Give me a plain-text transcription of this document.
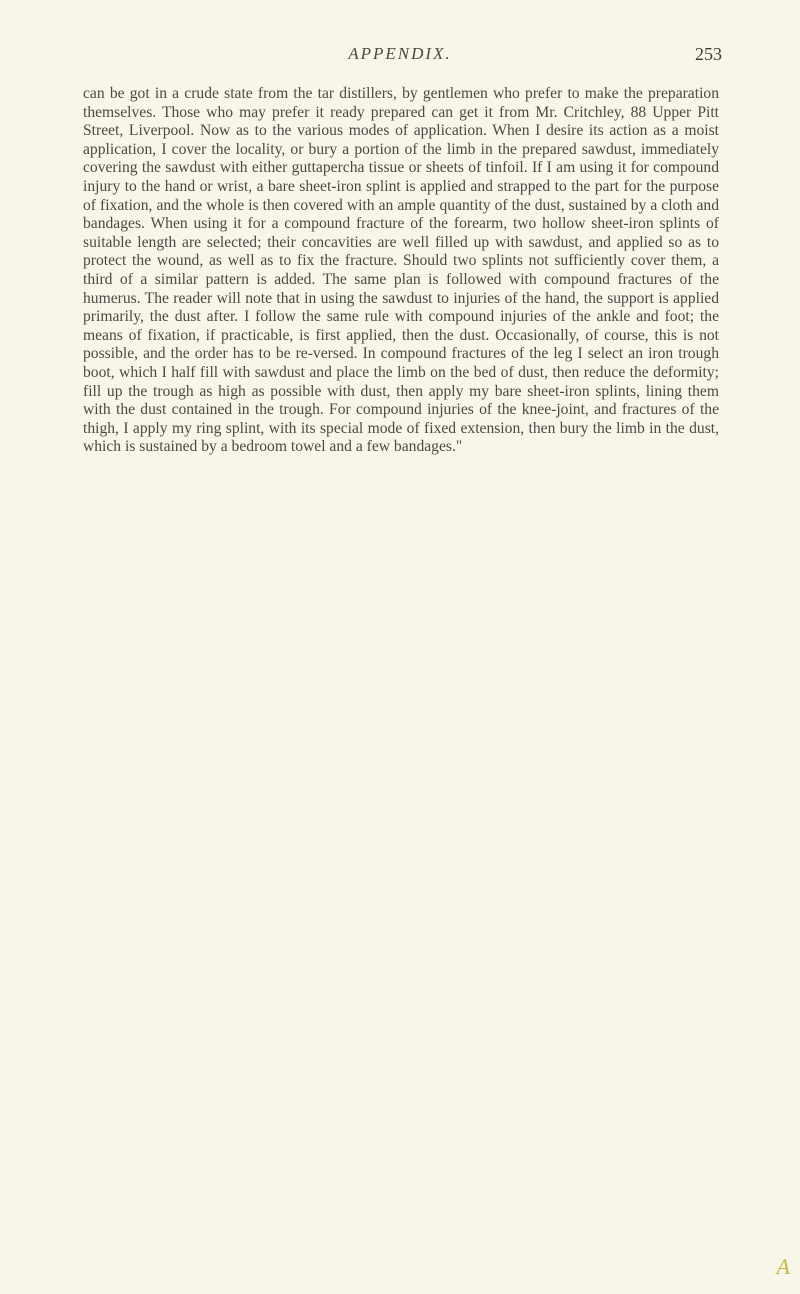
APPENDIX.	253

can be got in a crude state from the tar distillers, by gentlemen who prefer to make the preparation themselves. Those who may prefer it ready prepared can get it from Mr. Critchley, 88 Upper Pitt Street, Liverpool. Now as to the various modes of application. When I desire its action as a moist application, I cover the locality, or bury a portion of the limb in the prepared sawdust, immediately covering the sawdust with either guttapercha tissue or sheets of tinfoil. If I am using it for compound injury to the hand or wrist, a bare sheet-iron splint is applied and strapped to the part for the purpose of fixation, and the whole is then covered with an ample quantity of the dust, sustained by a cloth and bandages. When using it for a compound fracture of the forearm, two hollow sheet-iron splints of suitable length are selected; their concavities are well filled up with sawdust, and applied so as to protect the wound, as well as to fix the fracture. Should two splints not sufficiently cover them, a third of a similar pattern is added. The same plan is followed with compound fractures of the humerus. The reader will note that in using the sawdust to injuries of the hand, the support is applied primarily, the dust after. I follow the same rule with compound injuries of the ankle and foot; the means of fixation, if practicable, is first applied, then the dust. Occasionally, of course, this is not possible, and the order has to be re-versed. In compound fractures of the leg I select an iron trough boot, which I half fill with sawdust and place the limb on the bed of dust, then reduce the deformity; fill up the trough as high as possible with dust, then apply my bare sheet-iron splints, lining them with the dust contained in the trough. For compound injuries of the knee-joint, and fractures of the thigh, I apply my ring splint, with its special mode of fixed extension, then bury the limb in the dust, which is sustained by a bedroom towel and a few bandages."

A
